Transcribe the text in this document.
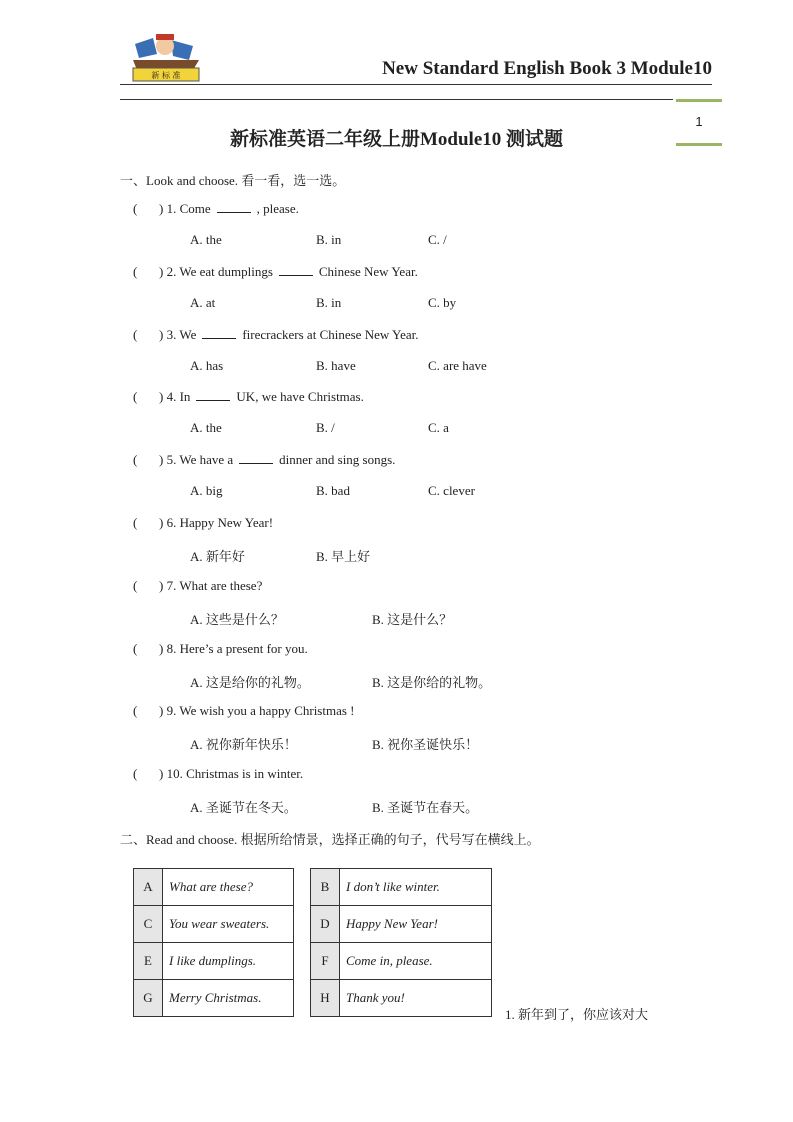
新 标 准	New Standard English Book 3 Module10
1
新标准英语二年级上册Module10 测试题
一、Look and choose. 看一看，选一选。
( ) 1. Come	, please.
A. the	B. in	C. /
( ) 2. We eat dumplings	Chinese New Year.
A. at	B. in	C. by
( ) 3. We	firecrackers at Chinese New Year.
A. has	B. have	C. are have
( ) 4. In	UK, we have Christmas.
A. the	B. /	C. a
( ) 5. We have a	dinner and sing songs.
A. big	B. bad	C. clever
( ) 6. Happy New Year!
A. 新年好	B. 早上好
( ) 7. What are these?
A. 这些是什么？	B. 这是什么？
( ) 8. Here’s a present for you.
A. 这是给你的礼物。	B. 这是你给的礼物。
( ) 9. We wish you a happy Christmas !
A. 祝你新年快乐！	B. 祝你圣诞快乐！
( ) 10. Christmas is in winter.
A. 圣诞节在冬天。	B. 圣诞节在春天。
二、Read and choose. 根据所给情景，选择正确的句子，代号写在横线上。
A	What are these?
C	You wear sweaters.
E	I like dumplings.
G	Merry Christmas.
B	I don’t like winter.
D	Happy New Year!
F	Come in, please.
H	Thank you!
1. 新年到了，你应该对大
